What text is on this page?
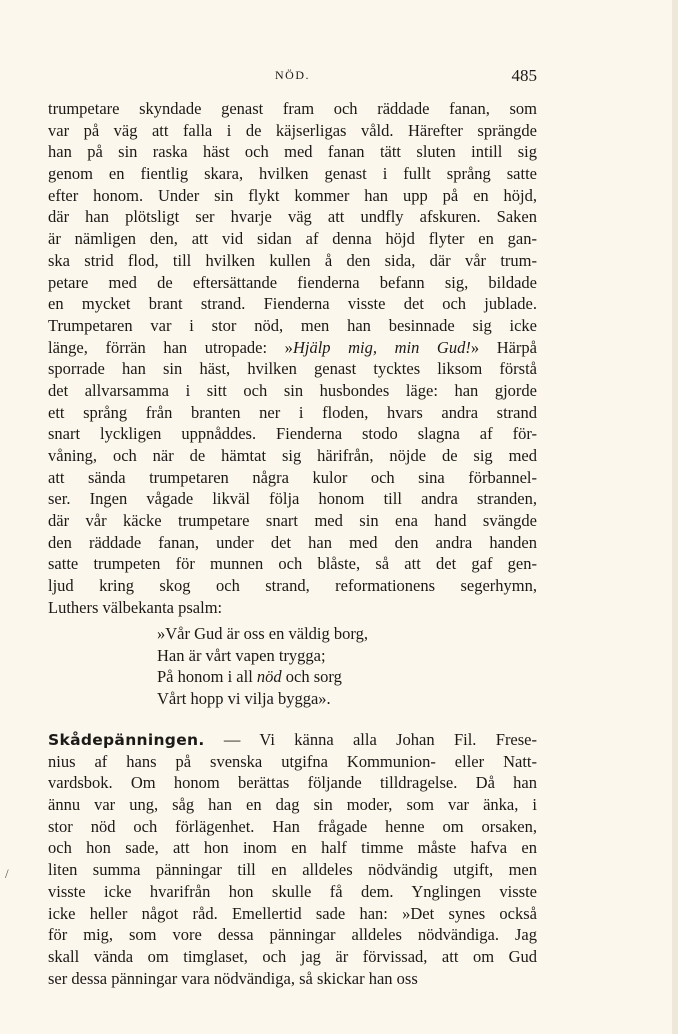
NÖD.	485
trumpetare skyndade genast fram och räddade fanan, som
var på väg att falla i de käjserligas våld. Härefter sprängde
han på sin raska häst och med fanan tätt sluten intill sig
genom en fientlig skara, hvilken genast i fullt språng satte
efter honom. Under sin flykt kommer han upp på en höjd,
där han plötsligt ser hvarje väg att undfly afskuren. Saken
är nämligen den, att vid sidan af denna höjd flyter en gan-
ska strid flod, till hvilken kullen å den sida, där vår trum-
petare med de eftersättande fienderna befann sig, bildade
en mycket brant strand. Fienderna visste det och jublade.
Trumpetaren var i stor nöd, men han besinnade sig icke
länge, förrän han utropade: »Hjälp mig, min Gud!» Härpå
sporrade han sin häst, hvilken genast tycktes liksom förstå
det allvarsamma i sitt och sin husbondes läge: han gjorde
ett språng från branten ner i floden, hvars andra strand
snart lyckligen uppnåddes. Fienderna stodo slagna af för-
våning, och när de hämtat sig härifrån, nöjde de sig med
att sända trumpetaren några kulor och sina förbannel-
ser. Ingen vågade likväl följa honom till andra stranden,
där vår käcke trumpetare snart med sin ena hand svängde
den räddade fanan, under det han med den andra handen
satte trumpeten för munnen och blåste, så att det gaf gen-
ljud kring skog och strand, reformationens segerhymn,
Luthers välbekanta psalm:
»Vår Gud är oss en väldig borg,
Han är vårt vapen trygga;
På honom i all nöd och sorg
Vårt hopp vi vilja bygga».
Skådepänningen. — Vi känna alla Johan Fil. Frese-
nius af hans på svenska utgifna Kommunion- eller Natt-
vardsbok. Om honom berättas följande tilldragelse. Då han
ännu var ung, såg han en dag sin moder, som var änka, i
stor nöd och förlägenhet. Han frågade henne om orsaken,
och hon sade, att hon inom en half timme måste hafva en
liten summa pänningar till en alldeles nödvändig utgift, men
visste icke hvarifrån hon skulle få dem. Ynglingen visste
icke heller något råd. Emellertid sade han: »Det synes också
för mig, som vore dessa pänningar alldeles nödvändiga. Jag
skall vända om timglaset, och jag är förvissad, att om Gud
ser dessa pänningar vara nödvändiga, så skickar han oss
/
